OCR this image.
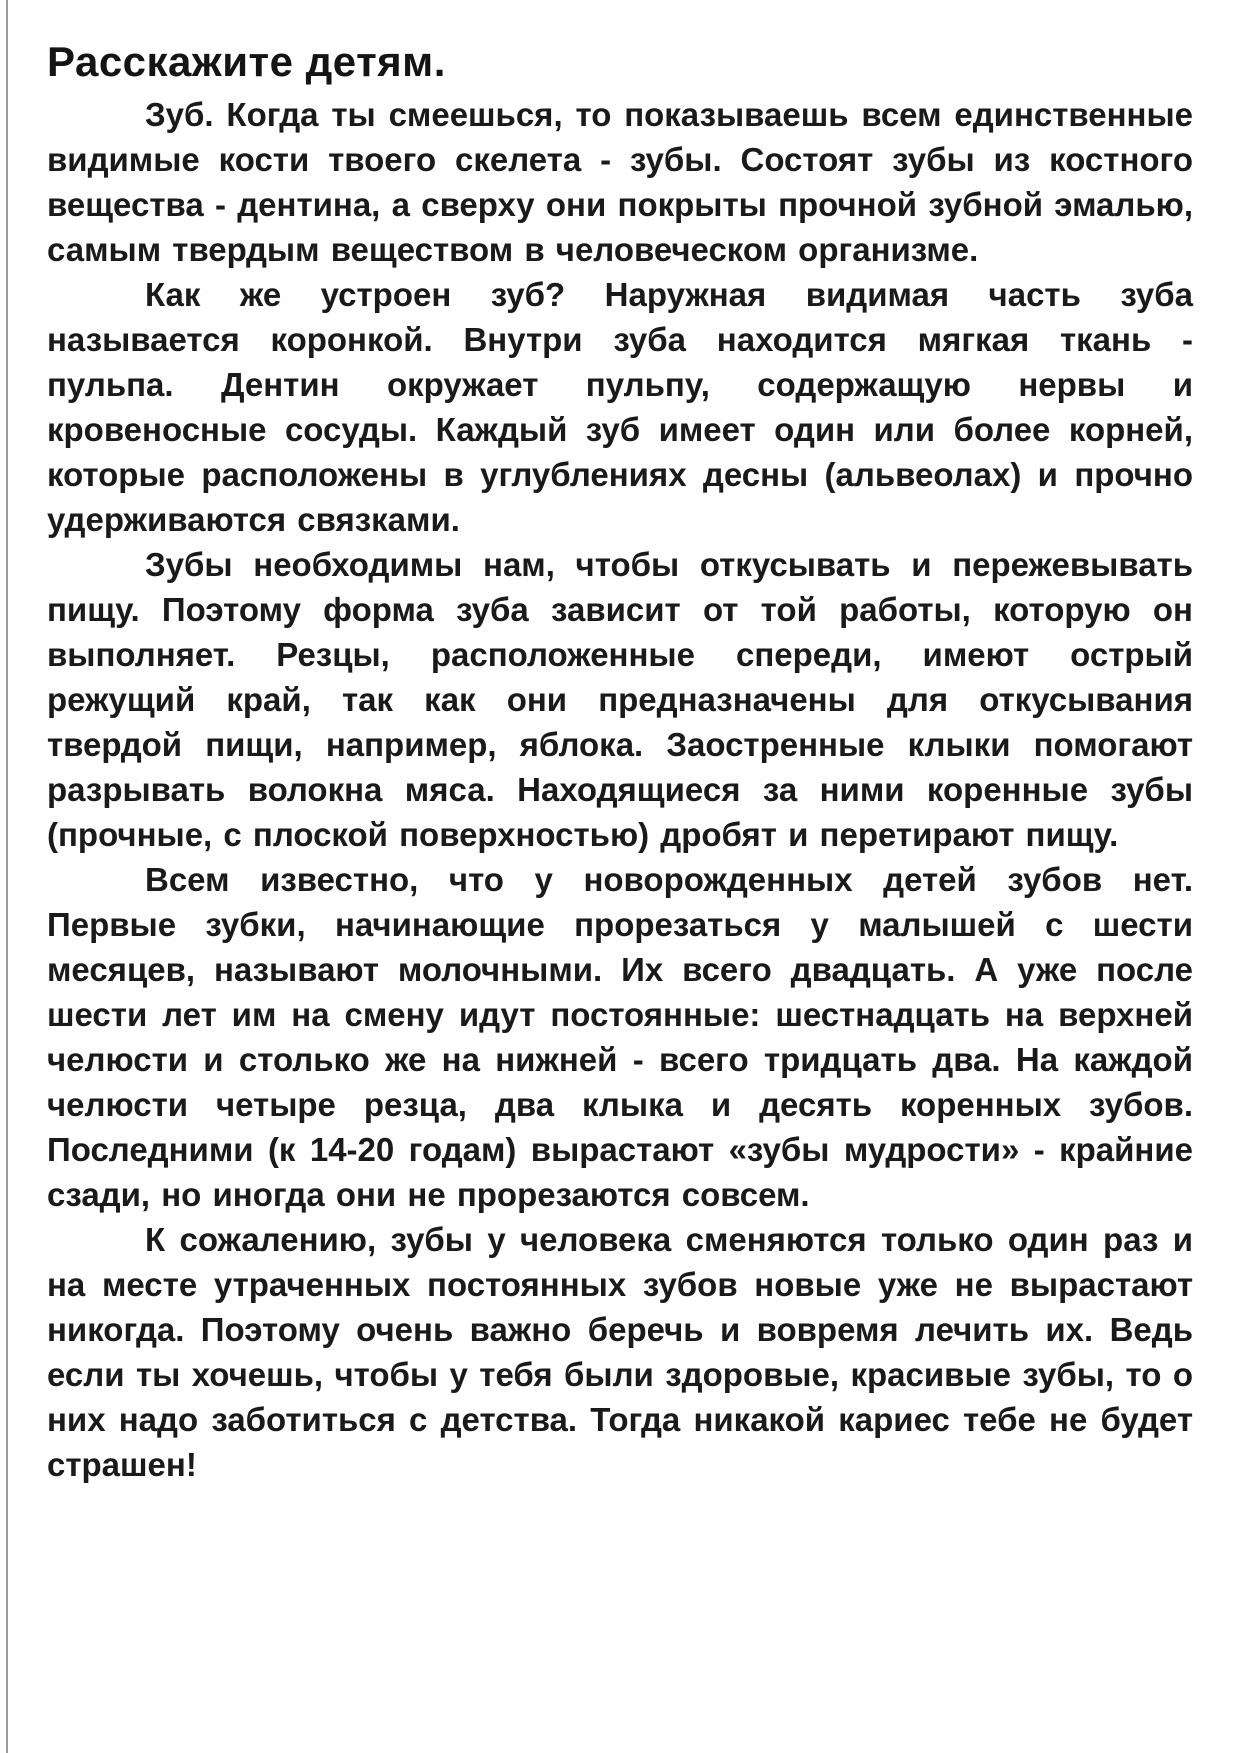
Расскажите детям.

Зуб. Когда ты смеешься, то показываешь всем единственные видимые кости твоего скелета - зубы. Состоят зубы из костного вещества - дентина, а сверху они покрыты прочной зубной эмалью, самым твердым веществом в человеческом организме.

Как же устроен зуб? Наружная видимая часть зуба называется коронкой. Внутри зуба находится мягкая ткань - пульпа. Дентин окружает пульпу, содержащую нервы и кровеносные сосуды. Каждый зуб имеет один или более корней, которые расположены в углублениях десны (альвеолах) и прочно удерживаются связками.

Зубы необходимы нам, чтобы откусывать и пережевывать пищу. Поэтому форма зуба зависит от той работы, которую он выполняет. Резцы, расположенные спереди, имеют острый режущий край, так как они предназначены для откусывания твердой пищи, например, яблока. Заостренные клыки помогают разрывать волокна мяса. Находящиеся за ними коренные зубы (прочные, с плоской поверхностью) дробят и перетирают пищу.

Всем известно, что у новорожденных детей зубов нет. Первые зубки, начинающие прорезаться у малышей с шести месяцев, называют молочными. Их всего двадцать. А уже после шести лет им на смену идут постоянные: шестнадцать на верхней челюсти и столько же на нижней - всего тридцать два. На каждой челюсти четыре резца, два клыка и десять коренных зубов. Последними (к 14-20 годам) вырастают «зубы мудрости» - крайние сзади, но иногда они не прорезаются совсем.

К сожалению, зубы у человека сменяются только один раз и на месте утраченных постоянных зубов новые уже не вырастают никогда. Поэтому очень важно беречь и вовремя лечить их. Ведь если ты хочешь, чтобы у тебя были здоровые, красивые зубы, то о них надо заботиться с детства. Тогда никакой кариес тебе не будет страшен!
